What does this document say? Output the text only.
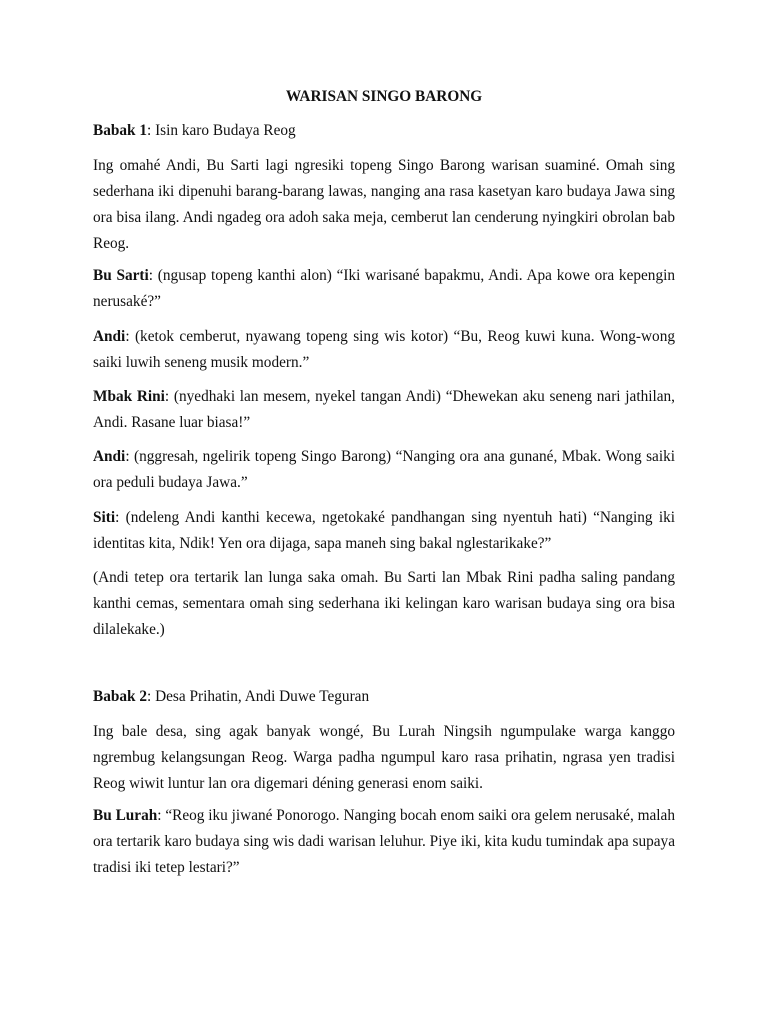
WARISAN SINGO BARONG
Babak 1: Isin karo Budaya Reog
Ing omahé Andi, Bu Sarti lagi ngresiki topeng Singo Barong warisan suaminé. Omah sing sederhana iki dipenuhi barang-barang lawas, nanging ana rasa kasetyan karo budaya Jawa sing ora bisa ilang. Andi ngadeg ora adoh saka meja, cemberut lan cenderung nyingkiri obrolan bab Reog.
Bu Sarti: (ngusap topeng kanthi alon) “Iki warisané bapakmu, Andi. Apa kowe ora kepengin nerusaké?”
Andi: (ketok cemberut, nyawang topeng sing wis kotor) “Bu, Reog kuwi kuna. Wong-wong saiki luwih seneng musik modern.”
Mbak Rini: (nyedhaki lan mesem, nyekel tangan Andi) “Dhewekan aku seneng nari jathilan, Andi. Rasane luar biasa!”
Andi: (nggresah, ngelirik topeng Singo Barong) “Nanging ora ana gunané, Mbak. Wong saiki ora peduli budaya Jawa.”
Siti: (ndeleng Andi kanthi kecewa, ngetokaké pandhangan sing nyentuh hati) “Nanging iki identitas kita, Ndik! Yen ora dijaga, sapa maneh sing bakal nglestarikake?”
(Andi tetep ora tertarik lan lunga saka omah. Bu Sarti lan Mbak Rini padha saling pandang kanthi cemas, sementara omah sing sederhana iki kelingan karo warisan budaya sing ora bisa dilalekake.)
Babak 2: Desa Prihatin, Andi Duwe Teguran
Ing bale desa, sing agak banyak wongé, Bu Lurah Ningsih ngumpulake warga kanggo ngrembug kelangsungan Reog. Warga padha ngumpul karo rasa prihatin, ngrasa yen tradisi Reog wiwit luntur lan ora digemari déning generasi enom saiki.
Bu Lurah: “Reog iku jiwané Ponorogo. Nanging bocah enom saiki ora gelem nerusaké, malah ora tertarik karo budaya sing wis dadi warisan leluhur. Piye iki, kita kudu tumindak apa supaya tradisi iki tetep lestari?”
